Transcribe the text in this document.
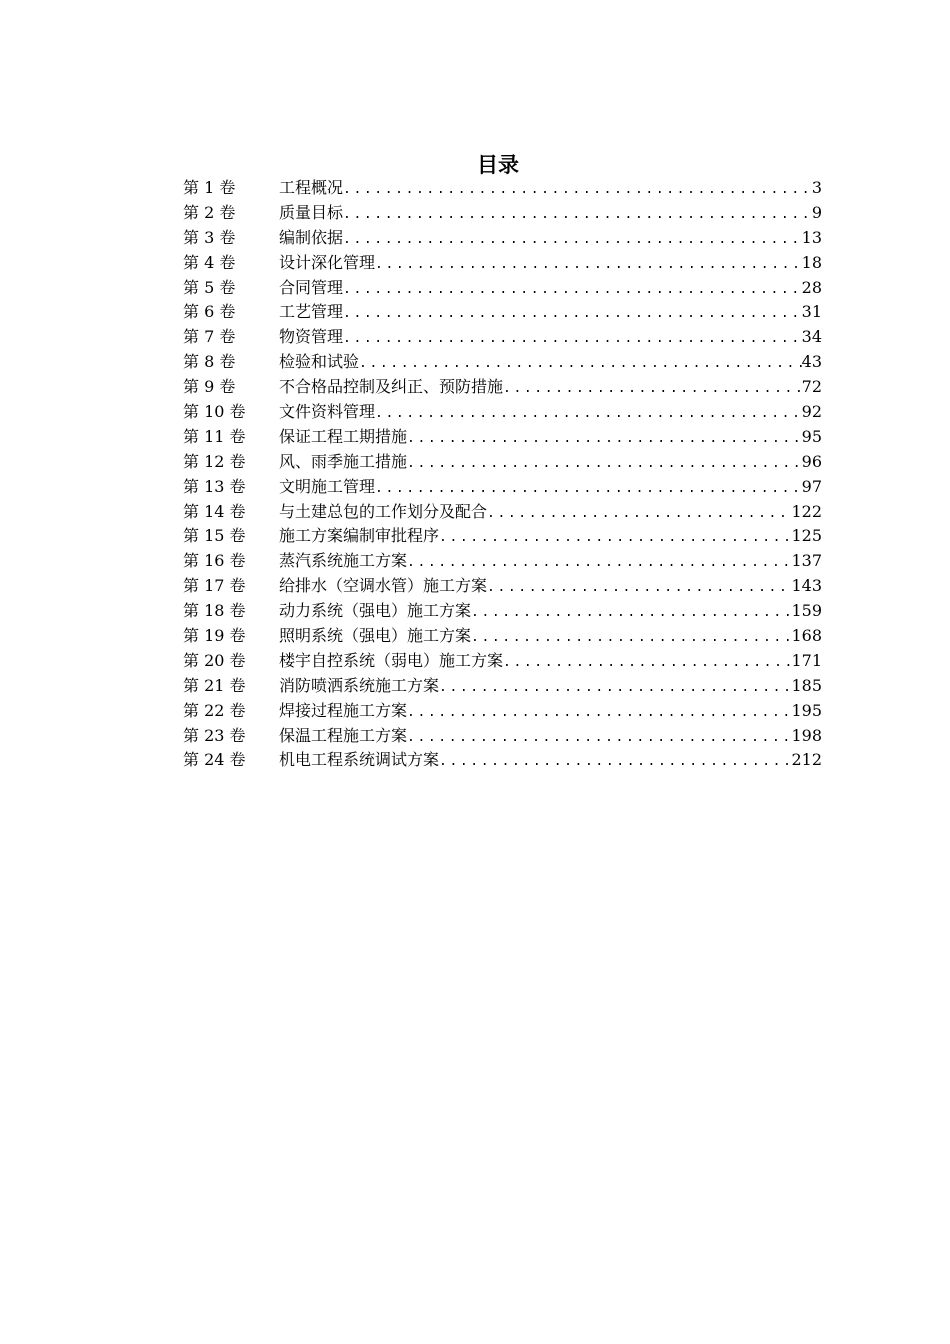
目录
第 1 卷	工程概况 .....	3
第 2 卷	质量目标 .....	9
第 3 卷	编制依据 .....	13
第 4 卷	设计深化管理 .....	18
第 5 卷	合同管理 .....	28
第 6 卷	工艺管理 .....	31
第 7 卷	物资管理 .....	34
第 8 卷	检验和试验 .....	43
第 9 卷	不合格品控制及纠正、预防措施 .....	72
第 10 卷	文件资料管理 .....	92
第 11 卷	保证工程工期措施 .....	95
第 12 卷	风、雨季施工措施 .....	96
第 13 卷	文明施工管理 .....	97
第 14 卷	与土建总包的工作划分及配合 .....	122
第 15 卷	施工方案编制审批程序 .....	125
第 16 卷	蒸汽系统施工方案 .....	137
第 17 卷	给排水（空调水管）施工方案 .....	143
第 18 卷	动力系统（强电）施工方案 .....	159
第 19 卷	照明系统（强电）施工方案 .....	168
第 20 卷	楼宇自控系统（弱电）施工方案 .....	171
第 21 卷	消防喷洒系统施工方案 .....	185
第 22 卷	焊接过程施工方案 .....	195
第 23 卷	保温工程施工方案 .....	198
第 24 卷	机电工程系统调试方案 .....	212
